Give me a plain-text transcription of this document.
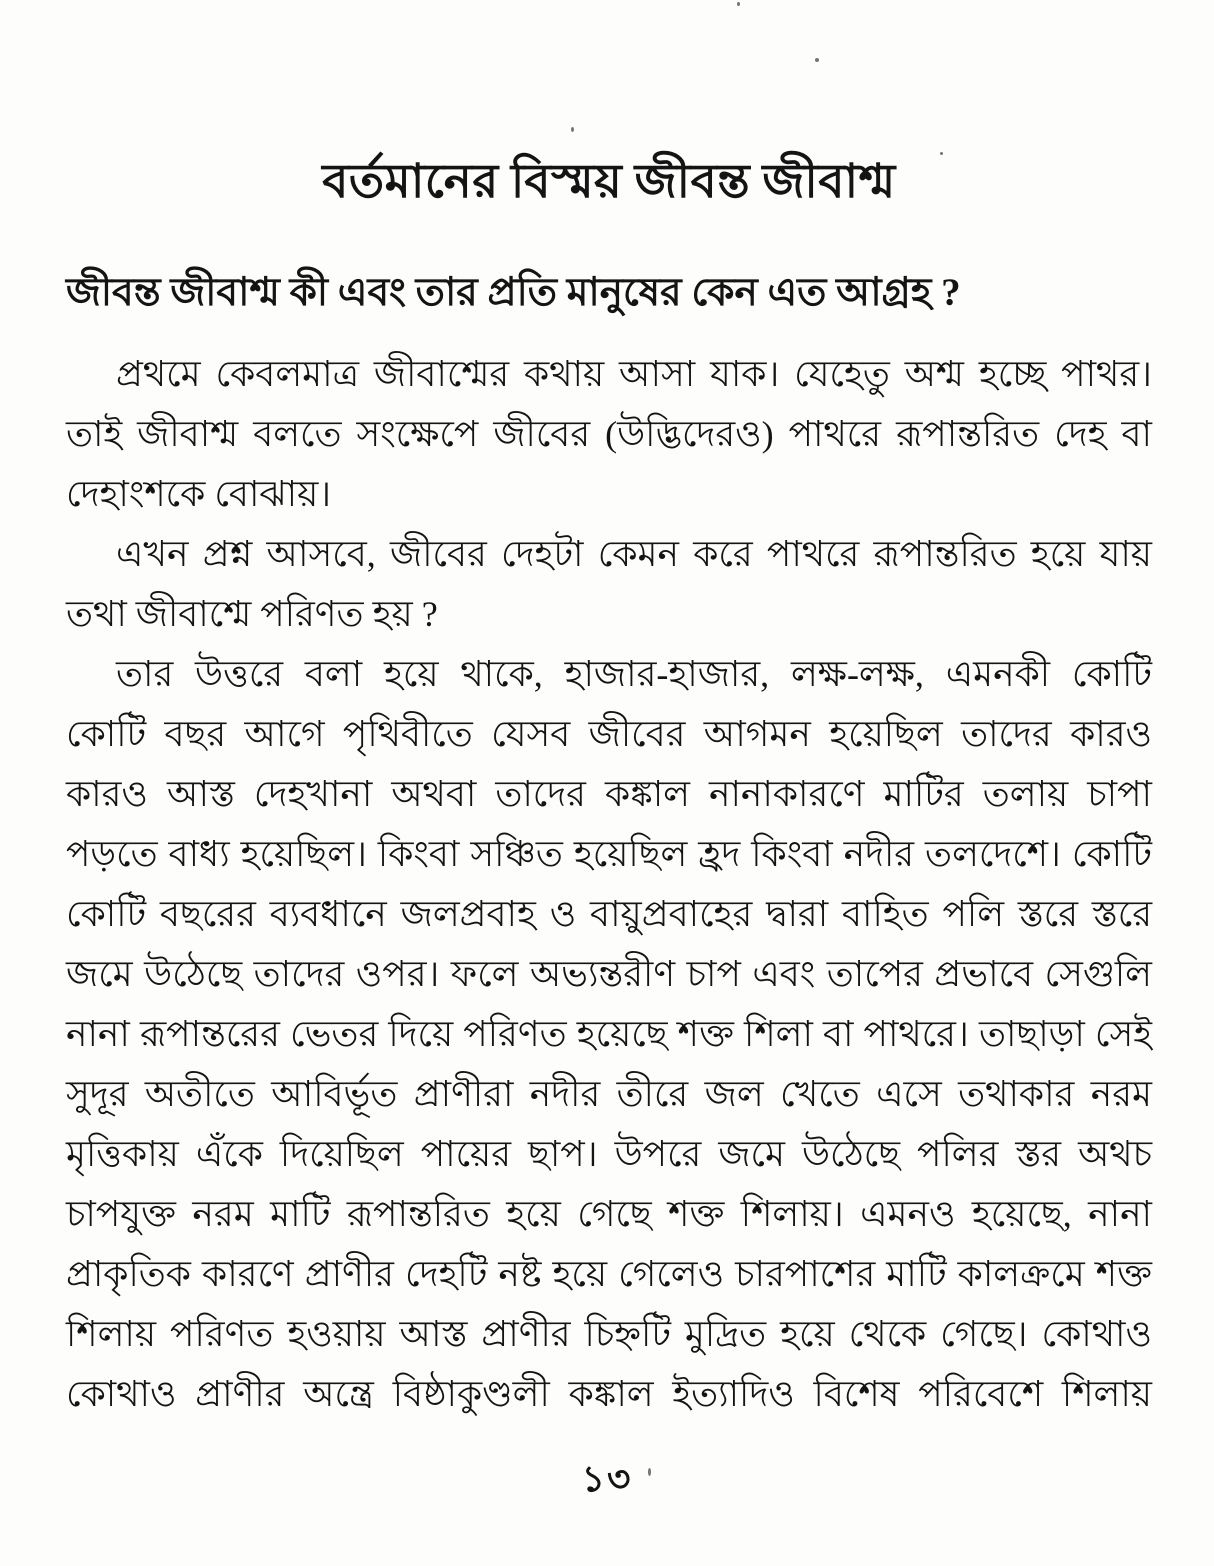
বর্তমানের বিস্ময় জীবন্ত জীবাশ্ম
জীবন্ত জীবাশ্ম কী এবং তার প্রতি মানুষের কেন এত আগ্রহ ?
প্রথমে কেবলমাত্র জীবাশ্মের কথায় আসা যাক। যেহেতু অশ্ম হচ্ছে পাথর।
তাই জীবাশ্ম বলতে সংক্ষেপে জীবের (উদ্ভিদেরও) পাথরে রূপান্তরিত দেহ বা
দেহাংশকে বোঝায়।
এখন প্রশ্ন আসবে, জীবের দেহটা কেমন করে পাথরে রূপান্তরিত হয়ে যায়
তথা জীবাশ্মে পরিণত হয় ?
তার উত্তরে বলা হয়ে থাকে, হাজার-হাজার, লক্ষ-লক্ষ, এমনকী কোটি
কোটি বছর আগে পৃথিবীতে যেসব জীবের আগমন হয়েছিল তাদের কারও
কারও আস্ত দেহখানা অথবা তাদের কঙ্কাল নানাকারণে মাটির তলায় চাপা
পড়তে বাধ্য হয়েছিল। কিংবা সঞ্চিত হয়েছিল হ্রদ কিংবা নদীর তলদেশে। কোটি
কোটি বছরের ব্যবধানে জলপ্রবাহ ও বায়ুপ্রবাহের দ্বারা বাহিত পলি স্তরে স্তরে
জমে উঠেছে তাদের ওপর। ফলে অভ্যন্তরীণ চাপ এবং তাপের প্রভাবে সেগুলি
নানা রূপান্তরের ভেতর দিয়ে পরিণত হয়েছে শক্ত শিলা বা পাথরে। তাছাড়া সেই
সুদূর অতীতে আবির্ভূত প্রাণীরা নদীর তীরে জল খেতে এসে তথাকার নরম
মৃত্তিকায় এঁকে দিয়েছিল পায়ের ছাপ। উপরে জমে উঠেছে পলির স্তর অথচ
চাপযুক্ত নরম মাটি রূপান্তরিত হয়ে গেছে শক্ত শিলায়। এমনও হয়েছে, নানা
প্রাকৃতিক কারণে প্রাণীর দেহটি নষ্ট হয়ে গেলেও চারপাশের মাটি কালক্রমে শক্ত
শিলায় পরিণত হওয়ায় আস্ত প্রাণীর চিহ্নটি মুদ্রিত হয়ে থেকে গেছে। কোথাও
কোথাও প্রাণীর অন্ত্রে বিষ্ঠাকুণ্ডলী কঙ্কাল ইত্যাদিও বিশেষ পরিবেশে শিলায়
১৩
